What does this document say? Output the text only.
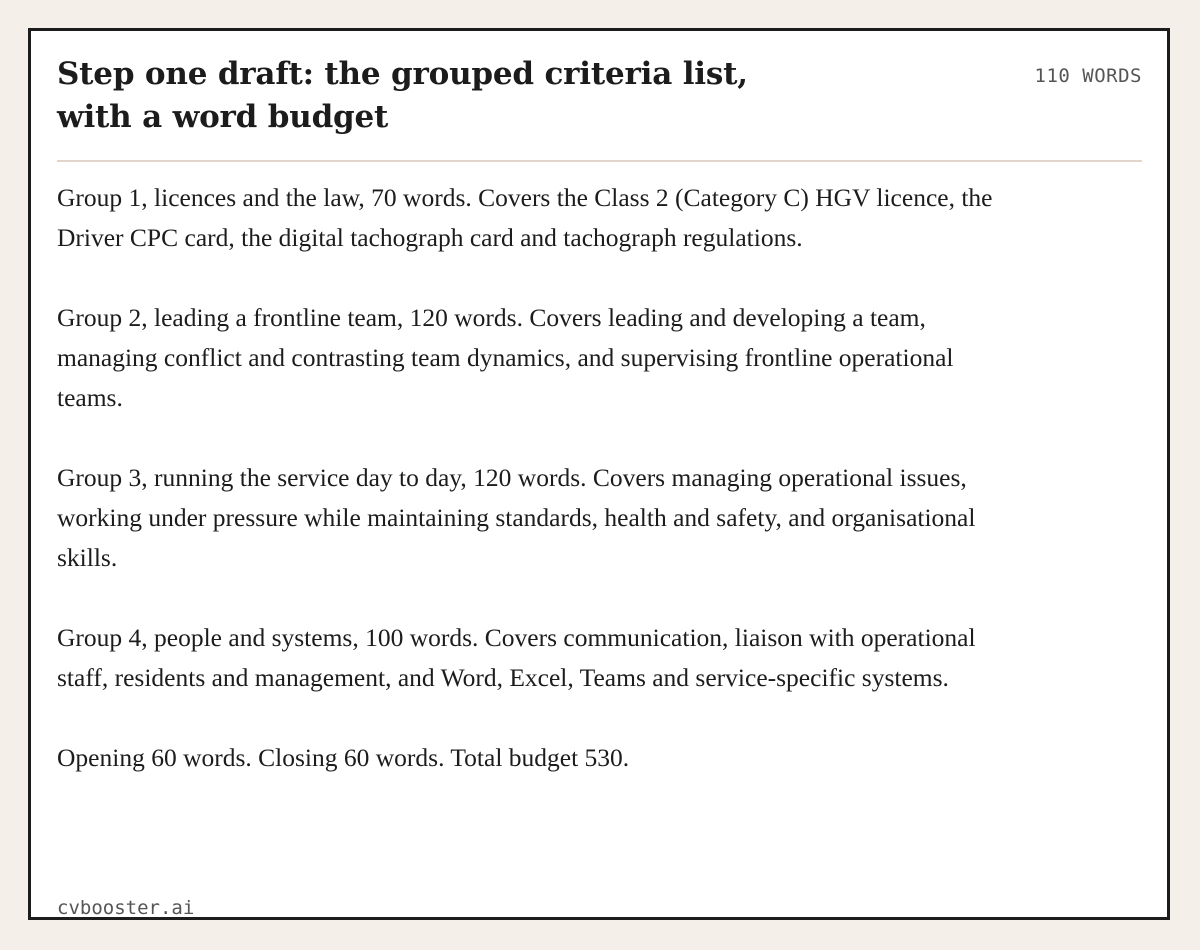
Step one draft: the grouped criteria list, with a word budget
110 WORDS

Group 1, licences and the law, 70 words. Covers the Class 2 (Category C) HGV licence, the Driver CPC card, the digital tachograph card and tachograph regulations.

Group 2, leading a frontline team, 120 words. Covers leading and developing a team, managing conflict and contrasting team dynamics, and supervising frontline operational teams.

Group 3, running the service day to day, 120 words. Covers managing operational issues, working under pressure while maintaining standards, health and safety, and organisational skills.

Group 4, people and systems, 100 words. Covers communication, liaison with operational staff, residents and management, and Word, Excel, Teams and service-specific systems.

Opening 60 words. Closing 60 words. Total budget 530.

cvbooster.ai
